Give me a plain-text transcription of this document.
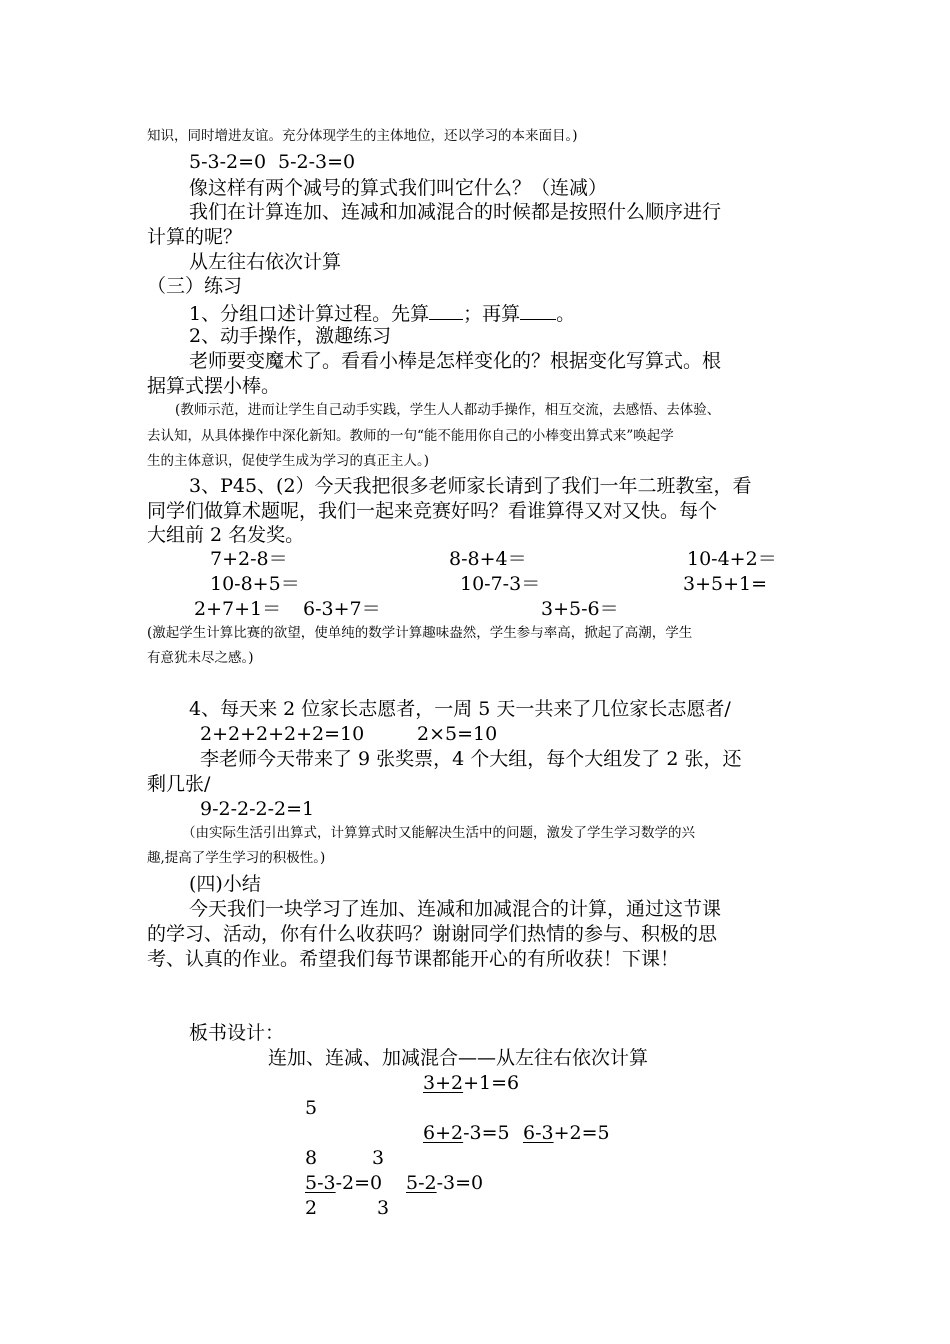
知识，同时增进友谊。充分体现学生的主体地位，还以学习的本来面目。)
5-3-2=0 5-2-3=0
像这样有两个减号的算式我们叫它什么？（连减）
我们在计算连加、连减和加减混合的时候都是按照什么顺序进行
计算的呢？
从左往右依次计算
（三）练习
1、分组口述计算过程。先算 ；再算 。
2、动手操作，激趣练习
老师要变魔术了。看看小棒是怎样变化的？根据变化写算式。根
据算式摆小棒。
(教师示范，进而让学生自己动手实践，学生人人都动手操作，相互交流，去感悟、去体验、
去认知，从具体操作中深化新知。教师的一句“能不能用你自己的小棒变出算式来”唤起学
生的主体意识，促使学生成为学习的真正主人。)
3、P45、(2）今天我把很多老师家长请到了我们一年二班教室，看
同学们做算术题呢，我们一起来竞赛好吗？看谁算得又对又快。每个
大组前 2 名发奖。
7+2-8＝	8-8+4＝	10-4+2＝
10-8+5＝	10-7-3＝	3+5+1=
2+7+1＝ 6-3+7＝	3+5-6＝
(激起学生计算比赛的欲望，使单纯的数学计算趣味盎然，学生参与率高，掀起了高潮，学生
有意犹未尽之感。)
4、每天来 2 位家长志愿者，一周 5 天一共来了几位家长志愿者/
2+2+2+2+2=10	2×5=10
李老师今天带来了 9 张奖票，4 个大组，每个大组发了 2 张，还
剩几张/
9-2-2-2-2=1
（由实际生活引出算式，计算算式时又能解决生活中的问题，激发了学生学习数学的兴
趣,提高了学生学习的积极性。)
(四)小结
今天我们一块学习了连加、连减和加减混合的计算，通过这节课
的学习、活动，你有什么收获吗？谢谢同学们热情的参与、积极的思
考、认真的作业。希望我们每节课都能开心的有所收获！下课！
板书设计：
连加、连减、加减混合——从左往右依次计算
3+2+1=6
5
6+2-3=5 6-3+2=5
8	3
5-3-2=0 5-2-3=0
2	3
